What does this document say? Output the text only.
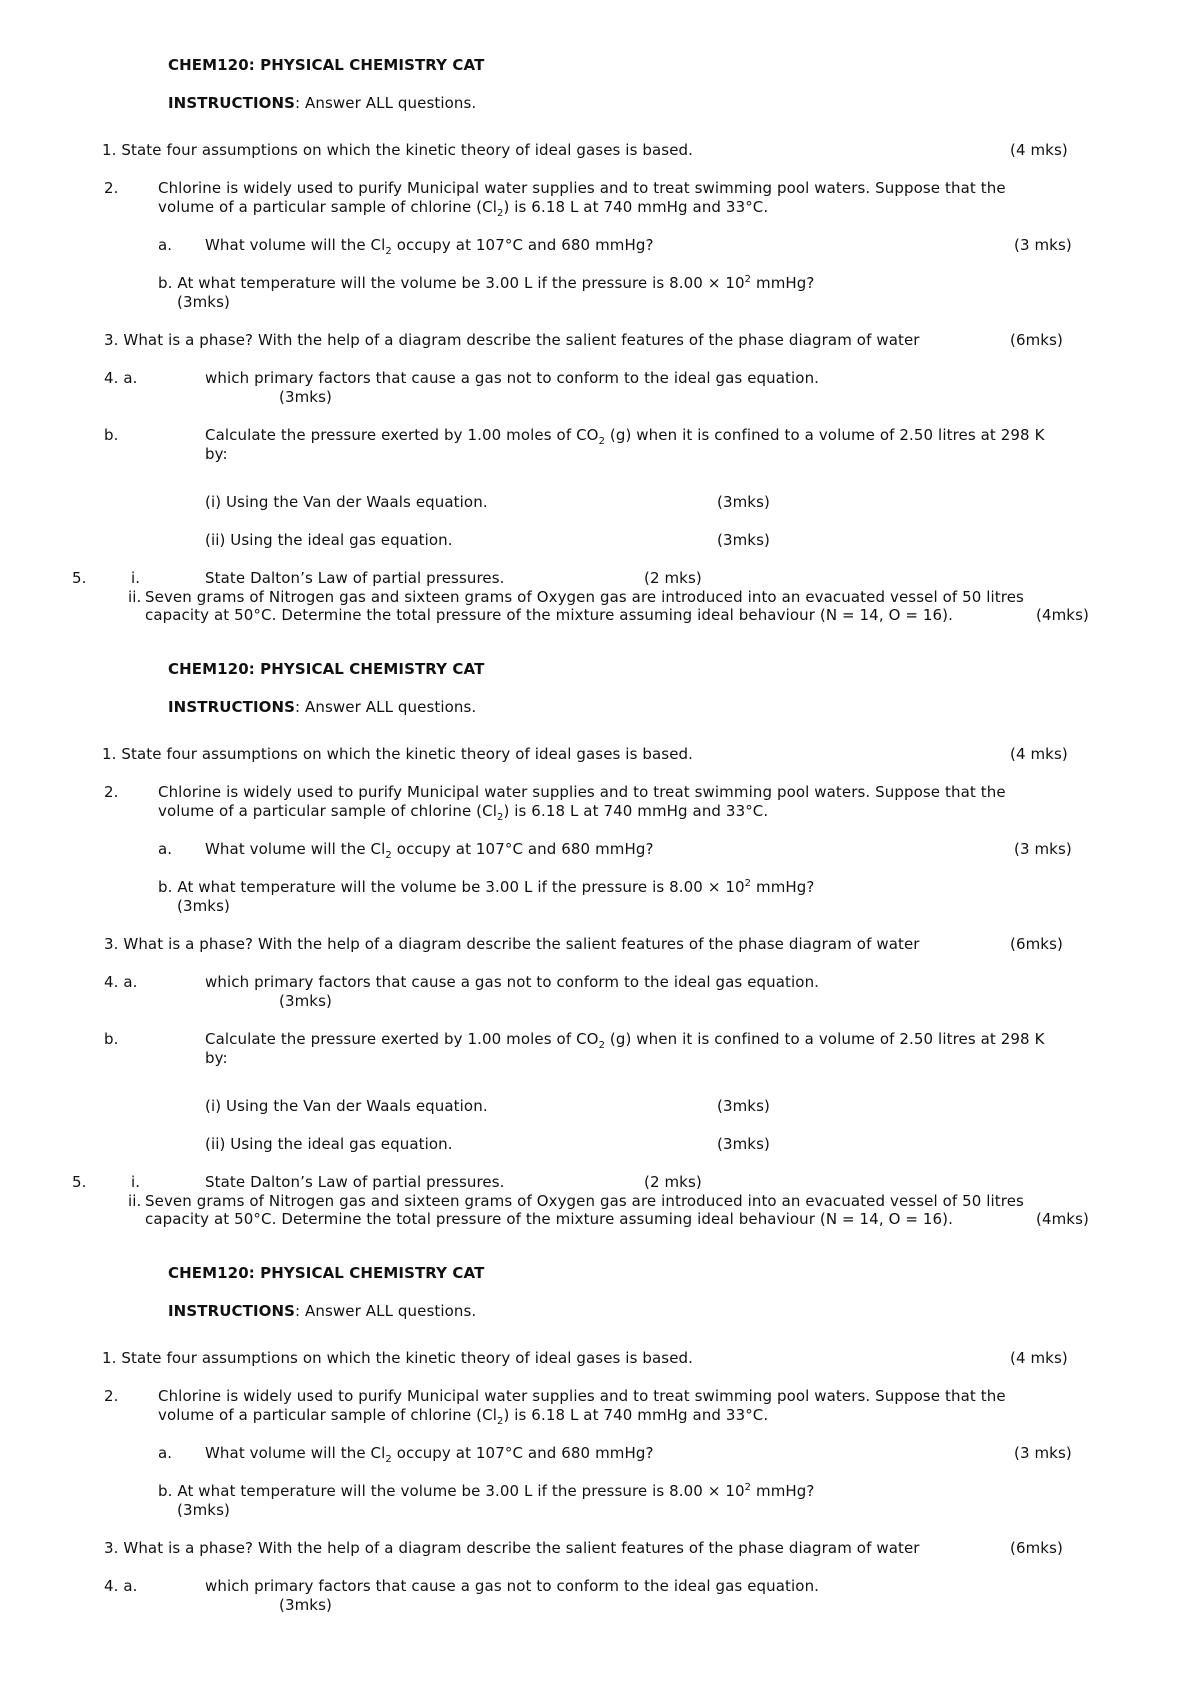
CHEM120: PHYSICAL CHEMISTRY CAT
INSTRUCTIONS: Answer ALL questions.
1. State four assumptions on which the kinetic theory of ideal gases is based.	(4 mks)
2.	Chlorine is widely used to purify Municipal water supplies and to treat swimming pool waters. Suppose that the
volume of a particular sample of chlorine $(Cl_2)$ is 6.18 L at 740 mmHg and 33°C.
a. What volume will the $Cl_2$ occupy at 107°C and 680 mmHg?	(3 mks)
b. At what temperature will the volume be 3.00 L if the pressure is $8.00 \times 10^2$ mmHg?
(3mks)
3. What is a phase? With the help of a diagram describe the salient features of the phase diagram of water	(6mks)
4. a.	which primary factors that cause a gas not to conform to the ideal gas equation.
(3mks)
b.	Calculate the pressure exerted by 1.00 moles of $CO_2$ (g) when it is confined to a volume of 2.50 litres at 298 K
by:
(i) Using the Van der Waals equation.	(3mks)
(ii) Using the ideal gas equation.	(3mks)
5.	i.	State Dalton’s Law of partial pressures.	(2 mks)
ii. Seven grams of Nitrogen gas and sixteen grams of Oxygen gas are introduced into an evacuated vessel of 50 litres
capacity at 50°C. Determine the total pressure of the mixture assuming ideal behaviour (N = 14, O = 16).	(4mks)
CHEM120: PHYSICAL CHEMISTRY CAT
INSTRUCTIONS: Answer ALL questions.
1. State four assumptions on which the kinetic theory of ideal gases is based.	(4 mks)
2.	Chlorine is widely used to purify Municipal water supplies and to treat swimming pool waters. Suppose that the
volume of a particular sample of chlorine $(Cl_2)$ is 6.18 L at 740 mmHg and 33°C.
a. What volume will the $Cl_2$ occupy at 107°C and 680 mmHg?	(3 mks)
b. At what temperature will the volume be 3.00 L if the pressure is $8.00 \times 10^2$ mmHg?
(3mks)
3. What is a phase? With the help of a diagram describe the salient features of the phase diagram of water	(6mks)
4. a.	which primary factors that cause a gas not to conform to the ideal gas equation.
(3mks)
b.	Calculate the pressure exerted by 1.00 moles of $CO_2$ (g) when it is confined to a volume of 2.50 litres at 298 K
by:
(i) Using the Van der Waals equation.	(3mks)
(ii) Using the ideal gas equation.	(3mks)
5.	i.	State Dalton’s Law of partial pressures.	(2 mks)
ii. Seven grams of Nitrogen gas and sixteen grams of Oxygen gas are introduced into an evacuated vessel of 50 litres
capacity at 50°C. Determine the total pressure of the mixture assuming ideal behaviour (N = 14, O = 16).	(4mks)
CHEM120: PHYSICAL CHEMISTRY CAT
INSTRUCTIONS: Answer ALL questions.
1. State four assumptions on which the kinetic theory of ideal gases is based.	(4 mks)
2.	Chlorine is widely used to purify Municipal water supplies and to treat swimming pool waters. Suppose that the
volume of a particular sample of chlorine $(Cl_2)$ is 6.18 L at 740 mmHg and 33°C.
a. What volume will the $Cl_2$ occupy at 107°C and 680 mmHg?	(3 mks)
b. At what temperature will the volume be 3.00 L if the pressure is $8.00 \times 10^2$ mmHg?
(3mks)
3. What is a phase? With the help of a diagram describe the salient features of the phase diagram of water	(6mks)
4. a.	which primary factors that cause a gas not to conform to the ideal gas equation.
(3mks)
